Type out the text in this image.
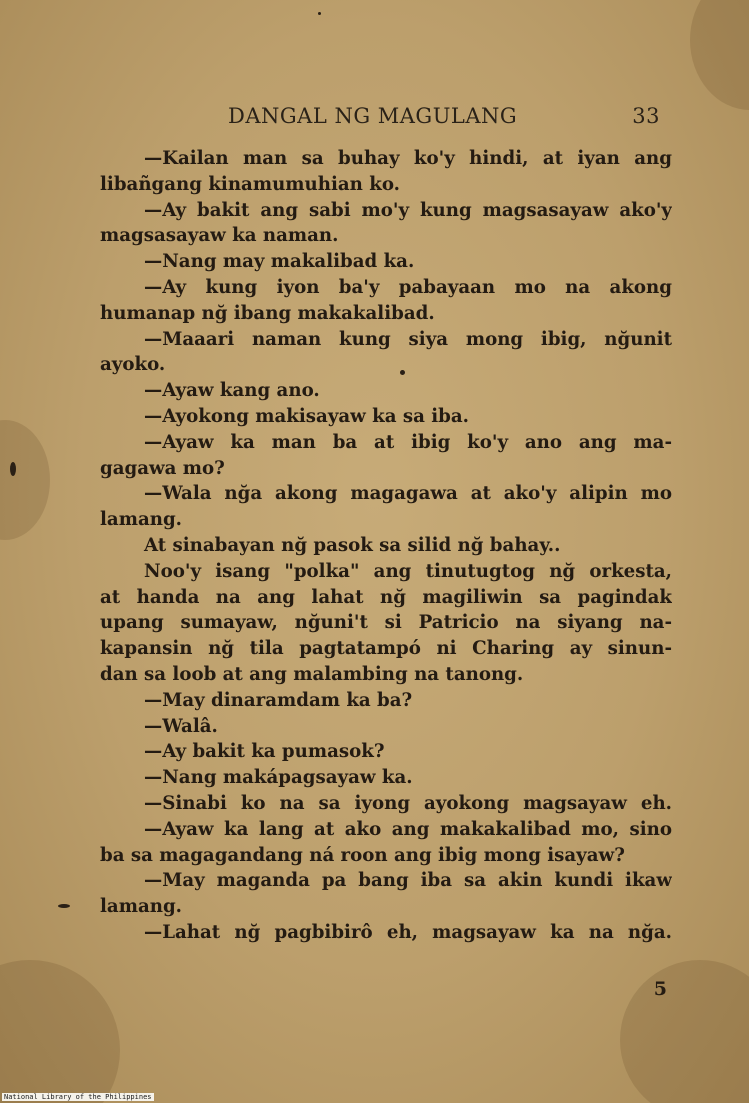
DANGAL NG MAGULANG	33
—Kailan man sa buhay ko'y hindi, at iyan ang
libañgang kinamumuhian ko.
—Ay bakit ang sabi mo'y kung magsasayaw ako'y
magsasayaw ka naman.
—Nang may makalibad ka.
—Ay kung iyon ba'y pabayaan mo na akong
humanap nğ ibang makakalibad.
—Maaari naman kung siya mong ibig, nğunit
ayoko.
—Ayaw kang ano.
—Ayokong makisayaw ka sa iba.
—Ayaw ka man ba at ibig ko'y ano ang ma-
gagawa mo?
—Wala nğa akong magagawa at ako'y alipin mo
lamang.
At sinabayan nğ pasok sa silid nğ bahay..
Noo'y isang "polka" ang tinutugtog nğ orkesta,
at handa na ang lahat nğ magiliwin sa pagindak
upang sumayaw, nğuni't si Patricio na siyang na-
kapansin nğ tila pagtatampó ni Charing ay sinun-
dan sa loob at ang malambing na tanong.
—May dinaramdam ka ba?
—Walâ.
—Ay bakit ka pumasok?
—Nang makápagsayaw ka.
—Sinabi ko na sa iyong ayokong magsayaw eh.
—Ayaw ka lang at ako ang makakalibad mo, sino
ba sa magagandang ná roon ang ibig mong isayaw?
—May maganda pa bang iba sa akin kundi ikaw
lamang.
—Lahat nğ pagbibirô eh, magsayaw ka na nğa.
5
National Library of the Philippines
